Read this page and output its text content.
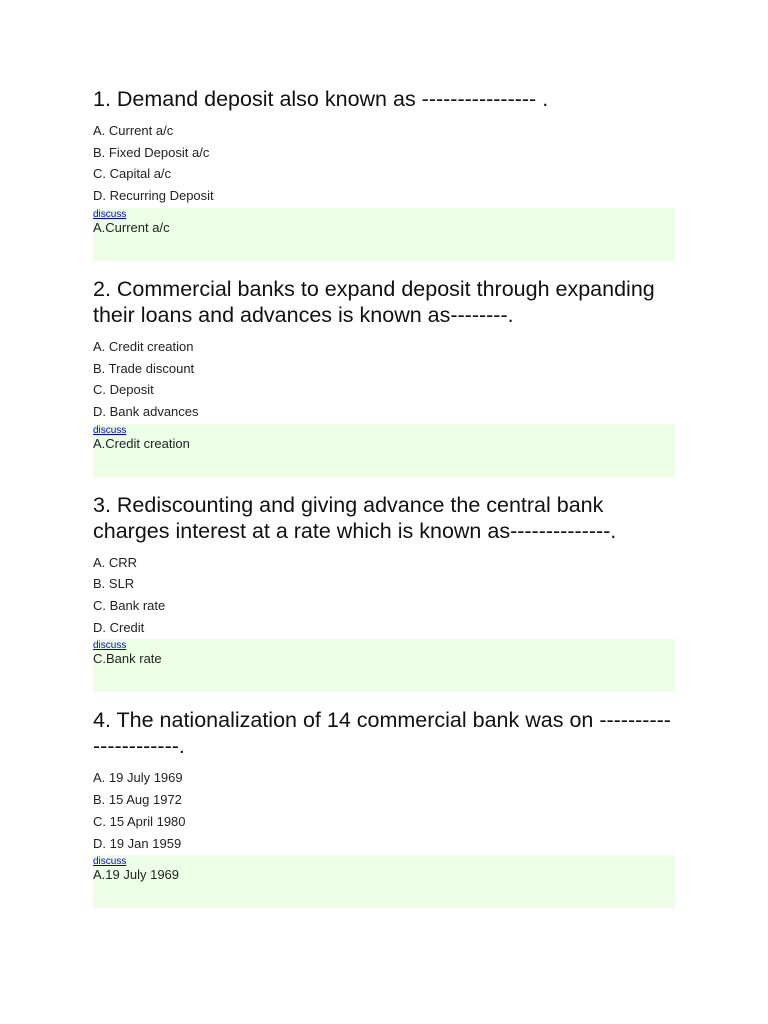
1. Demand deposit also known as ---------------- .
A. Current a/c
B. Fixed Deposit a/c
C. Capital a/c
D. Recurring Deposit
discuss
A.Current a/c
2. Commercial banks to expand deposit through expanding their loans and advances is known as--------.
A. Credit creation
B. Trade discount
C. Deposit
D. Bank advances
discuss
A.Credit creation
3. Rediscounting and giving advance the central bank charges interest at a rate which is known as--------------.
A. CRR
B. SLR
C. Bank rate
D. Credit
discuss
C.Bank rate
4. The nationalization of 14 commercial bank was on ----------------------.
A. 19 July 1969
B. 15 Aug 1972
C. 15 April 1980
D. 19 Jan 1959
discuss
A.19 July 1969
